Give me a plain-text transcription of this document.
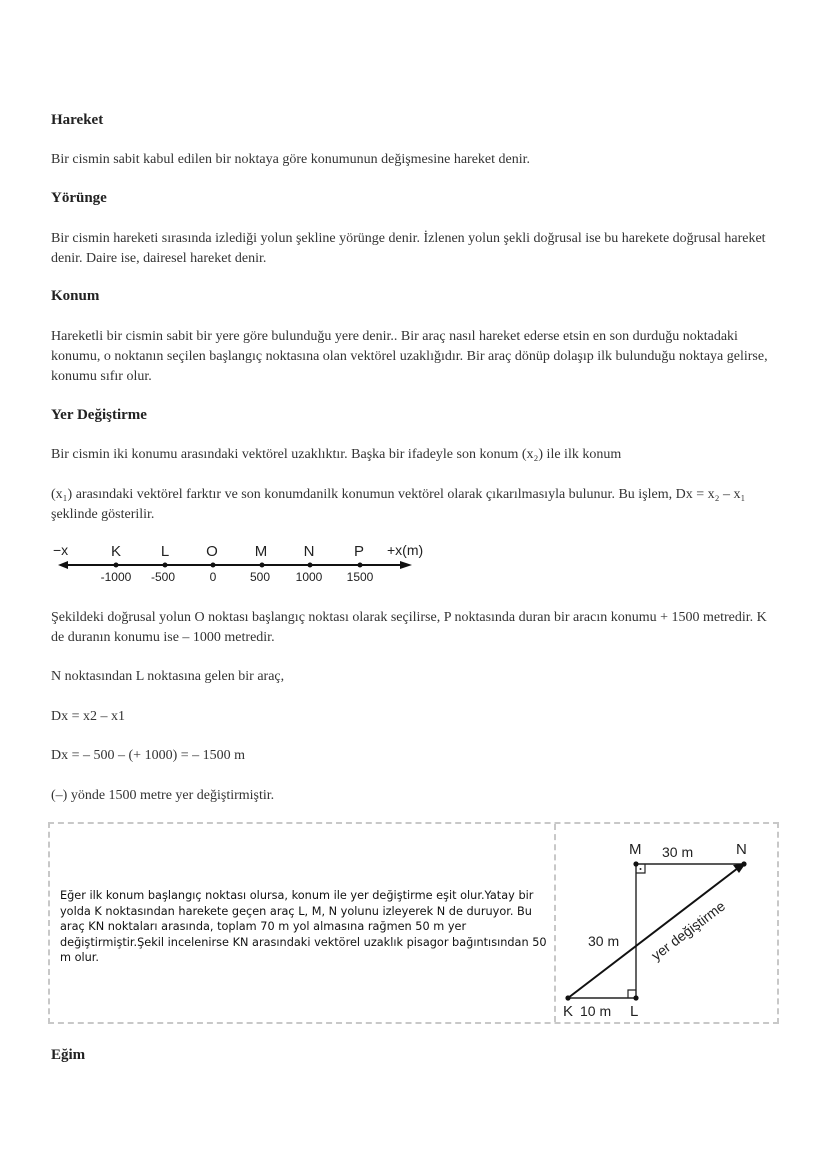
Hareket

Bir cismin sabit kabul edilen bir noktaya göre konumunun değişmesine hareket denir.

Yörünge

Bir cismin hareketi sırasında izlediği yolun şekline yörünge denir. İzlenen yolun şekli doğrusal ise bu harekete doğrusal hareket denir. Daire ise, dairesel hareket denir.

Konum

Hareketli bir cismin sabit bir yere göre bulunduğu yere denir.. Bir araç nasıl hareket ederse etsin en son durduğu noktadaki konumu, o noktanın seçilen başlangıç noktasına olan vektörel uzaklığıdır. Bir araç dönüp dolaşıp ilk bulunduğu noktaya gelirse, konumu sıfır olur.

Yer Değiştirme

Bir cismin iki konumu arasındaki vektörel uzaklıktır. Başka bir ifadeyle son konum (x₂) ile ilk konum

(x₁) arasındaki vektörel farktır ve son konumdanilk konumun vektörel olarak çıkarılmasıyla bulunur. Bu işlem, Dx = x₂ – x₁ şeklinde gösterilir.

−x	+x(m)
K
-1000
L
-500
O
0
M
500
N
1000
P
1500

Şekildeki doğrusal yolun O noktası başlangıç noktası olarak seçilirse, P noktasında duran bir aracın konumu + 1500 metredir. K de duranın konumu ise – 1000 metredir.

N noktasından L noktasına gelen bir araç,

Dx = x2 – x1

Dx = – 500 – (+ 1000) = – 1500 m

(–) yönde 1500 metre yer değiştirmiştir.

Eğer ilk konum başlangıç noktası olursa, konum ile yer değiştirme eşit olur.Yatay bir yolda K noktasından harekete geçen araç L, M, N yolunu izleyerek N de duruyor. Bu araç KN noktaları arasında, toplam 70 m yol almasına rağmen 50 m yer değiştirmiştir.Şekil incelenirse KN arasındaki vektörel uzaklık pisagor bağıntısından 50 m olur.
K	L
M	N
10 m
30 m
30 m
yer değiştirme
Eğim
